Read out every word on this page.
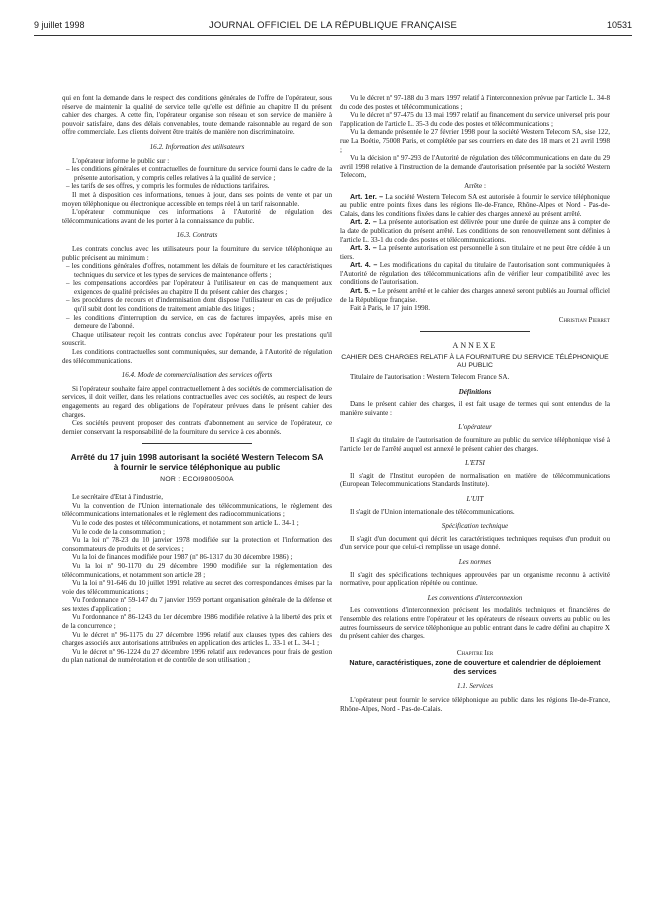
9 juillet 1998	JOURNAL OFFICIEL DE LA RÉPUBLIQUE FRANÇAISE	10531

qui en font la demande dans le respect des conditions générales de l'offre de l'opérateur, sous réserve de maintenir la qualité de service telle qu'elle est définie au chapitre II du présent cahier des charges. A cette fin, l'opérateur organise son réseau et son service de manière à pouvoir satisfaire, dans des délais convenables, toute demande raisonnable au regard de son offre commerciale. Les clients doivent être traités de manière non discriminatoire.

16.2. Information des utilisateurs

L'opérateur informe le public sur :

– les conditions générales et contractuelles de fourniture du service fourni dans le cadre de la présente autorisation, y compris celles relatives à la qualité de service ;

– les tarifs de ses offres, y compris les formules de réductions tarifaires.

Il met à disposition ces informations, tenues à jour, dans ses points de vente et par un moyen téléphonique ou électronique accessible en temps réel à un tarif raisonnable.

L'opérateur communique ces informations à l'Autorité de régulation des télécommunications avant de les porter à la connaissance du public.

16.3. Contrats

Les contrats conclus avec les utilisateurs pour la fourniture du service téléphonique au public précisent au minimum :

– les conditions générales d'offres, notamment les délais de fourniture et les caractéristiques techniques du service et les types de services de maintenance offerts ;

– les compensations accordées par l'opérateur à l'utilisateur en cas de manquement aux exigences de qualité précisées au chapitre II du présent cahier des charges ;

– les procédures de recours et d'indemnisation dont dispose l'utilisateur en cas de préjudice qu'il subit dont les conditions de traitement amiable des litiges ;

– les conditions d'interruption du service, en cas de factures impayées, après mise en demeure de l'abonné.

Chaque utilisateur reçoit les contrats conclus avec l'opérateur pour les prestations qu'il souscrit.

Les conditions contractuelles sont communiquées, sur demande, à l'Autorité de régulation des télécommunications.

16.4. Mode de commercialisation des services offerts

Si l'opérateur souhaite faire appel contractuellement à des sociétés de commercialisation de services, il doit veiller, dans les relations contractuelles avec ces sociétés, au respect de leurs engagements au regard des obligations de l'opérateur prévues dans le présent cahier des charges.

Ces sociétés peuvent proposer des contrats d'abonnement au service de l'opérateur, ce dernier conservant la responsabilité de la fourniture du service à ces abonnés.

Arrêté du 17 juin 1998 autorisant la société Western Telecom SA à fournir le service téléphonique au public

NOR : ECOI9800500A

Le secrétaire d'Etat à l'industrie,

Vu la convention de l'Union internationale des télécommunications, le règlement des télécommunications internationales et le règlement des radiocommunications ;

Vu le code des postes et télécommunications, et notamment son article L. 34-1 ;

Vu le code de la consommation ;

Vu la loi nº 78-23 du 10 janvier 1978 modifiée sur la protection et l'information des consommateurs de produits et de services ;

Vu la loi de finances modifiée pour 1987 (nº 86-1317 du 30 décembre 1986) ;

Vu la loi nº 90-1170 du 29 décembre 1990 modifiée sur la réglementation des télécommunications, et notamment son article 28 ;

Vu la loi nº 91-646 du 10 juillet 1991 relative au secret des correspondances émises par la voie des télécommunications ;

Vu l'ordonnance nº 59-147 du 7 janvier 1959 portant organisation générale de la défense et ses textes d'application ;

Vu l'ordonnance nº 86-1243 du 1er décembre 1986 modifiée relative à la liberté des prix et de la concurrence ;

Vu le décret nº 96-1175 du 27 décembre 1996 relatif aux clauses types des cahiers des charges associés aux autorisations attribuées en application des articles L. 33-1 et L. 34-1 ;

Vu le décret nº 96-1224 du 27 décembre 1996 relatif aux redevances pour frais de gestion du plan national de numérotation et de contrôle de son utilisation ;

Vu le décret nº 97-188 du 3 mars 1997 relatif à l'interconnexion prévue par l'article L. 34-8 du code des postes et télécommunications ;

Vu le décret nº 97-475 du 13 mai 1997 relatif au financement du service universel pris pour l'application de l'article L. 35-3 du code des postes et télécommunications ;

Vu la demande présentée le 27 février 1998 pour la société Western Telecom SA, sise 122, rue La Boétie, 75008 Paris, et complétée par ses courriers en date des 18 mars et 21 avril 1998 ;

Vu la décision nº 97-293 de l'Autorité de régulation des télécommunications en date du 29 avril 1998 relative à l'instruction de la demande d'autorisation présentée par la société Western Telecom,

Arrête :

Art. 1er. – La société Western Telecom SA est autorisée à fournir le service téléphonique au public entre points fixes dans les régions Ile-de-France, Rhône-Alpes et Nord - Pas-de-Calais, dans les conditions fixées dans le cahier des charges annexé au présent arrêté.

Art. 2. – La présente autorisation est délivrée pour une durée de quinze ans à compter de la date de publication du présent arrêté. Les conditions de son renouvellement sont définies à l'article L. 33-1 du code des postes et télécommunications.

Art. 3. – La présente autorisation est personnelle à son titulaire et ne peut être cédée à un tiers.

Art. 4. – Les modifications du capital du titulaire de l'autorisation sont communiquées à l'Autorité de régulation des télécommunications afin de vérifier leur compatibilité avec les conditions de l'autorisation.

Art. 5. – Le présent arrêté et le cahier des charges annexé seront publiés au Journal officiel de la République française.

Fait à Paris, le 17 juin 1998.

Christian Pierret

ANNEXE

CAHIER DES CHARGES RELATIF À LA FOURNITURE DU SERVICE TÉLÉPHONIQUE AU PUBLIC

Titulaire de l'autorisation : Western Telecom France SA.

Définitions

Dans le présent cahier des charges, il est fait usage de termes qui sont entendus de la manière suivante :

L'opérateur

Il s'agit du titulaire de l'autorisation de fourniture au public du service téléphonique visé à l'article 1er de l'arrêté auquel est annexé le présent cahier des charges.

L'ETSI

Il s'agit de l'Institut européen de normalisation en matière de télécommunications (European Telecommunications Standards Institute).

L'UIT

Il s'agit de l'Union internationale des télécommunications.

Spécification technique

Il s'agit d'un document qui décrit les caractéristiques techniques requises d'un produit ou d'un service pour que celui-ci remplisse un usage donné.

Les normes

Il s'agit des spécifications techniques approuvées par un organisme reconnu à activité normative, pour application répétée ou continue.

Les conventions d'interconnexion

Les conventions d'interconnexion précisent les modalités techniques et financières de l'ensemble des relations entre l'opérateur et les opérateurs de réseaux ouverts au public ou les autres fournisseurs de service téléphonique au public entrant dans le cadre défini au chapitre X du présent cahier des charges.

Chapitre Ier

Nature, caractéristiques, zone de couverture et calendrier de déploiement des services

1.1. Services

L'opérateur peut fournir le service téléphonique au public dans les régions Ile-de-France, Rhône-Alpes, Nord - Pas-de-Calais.
